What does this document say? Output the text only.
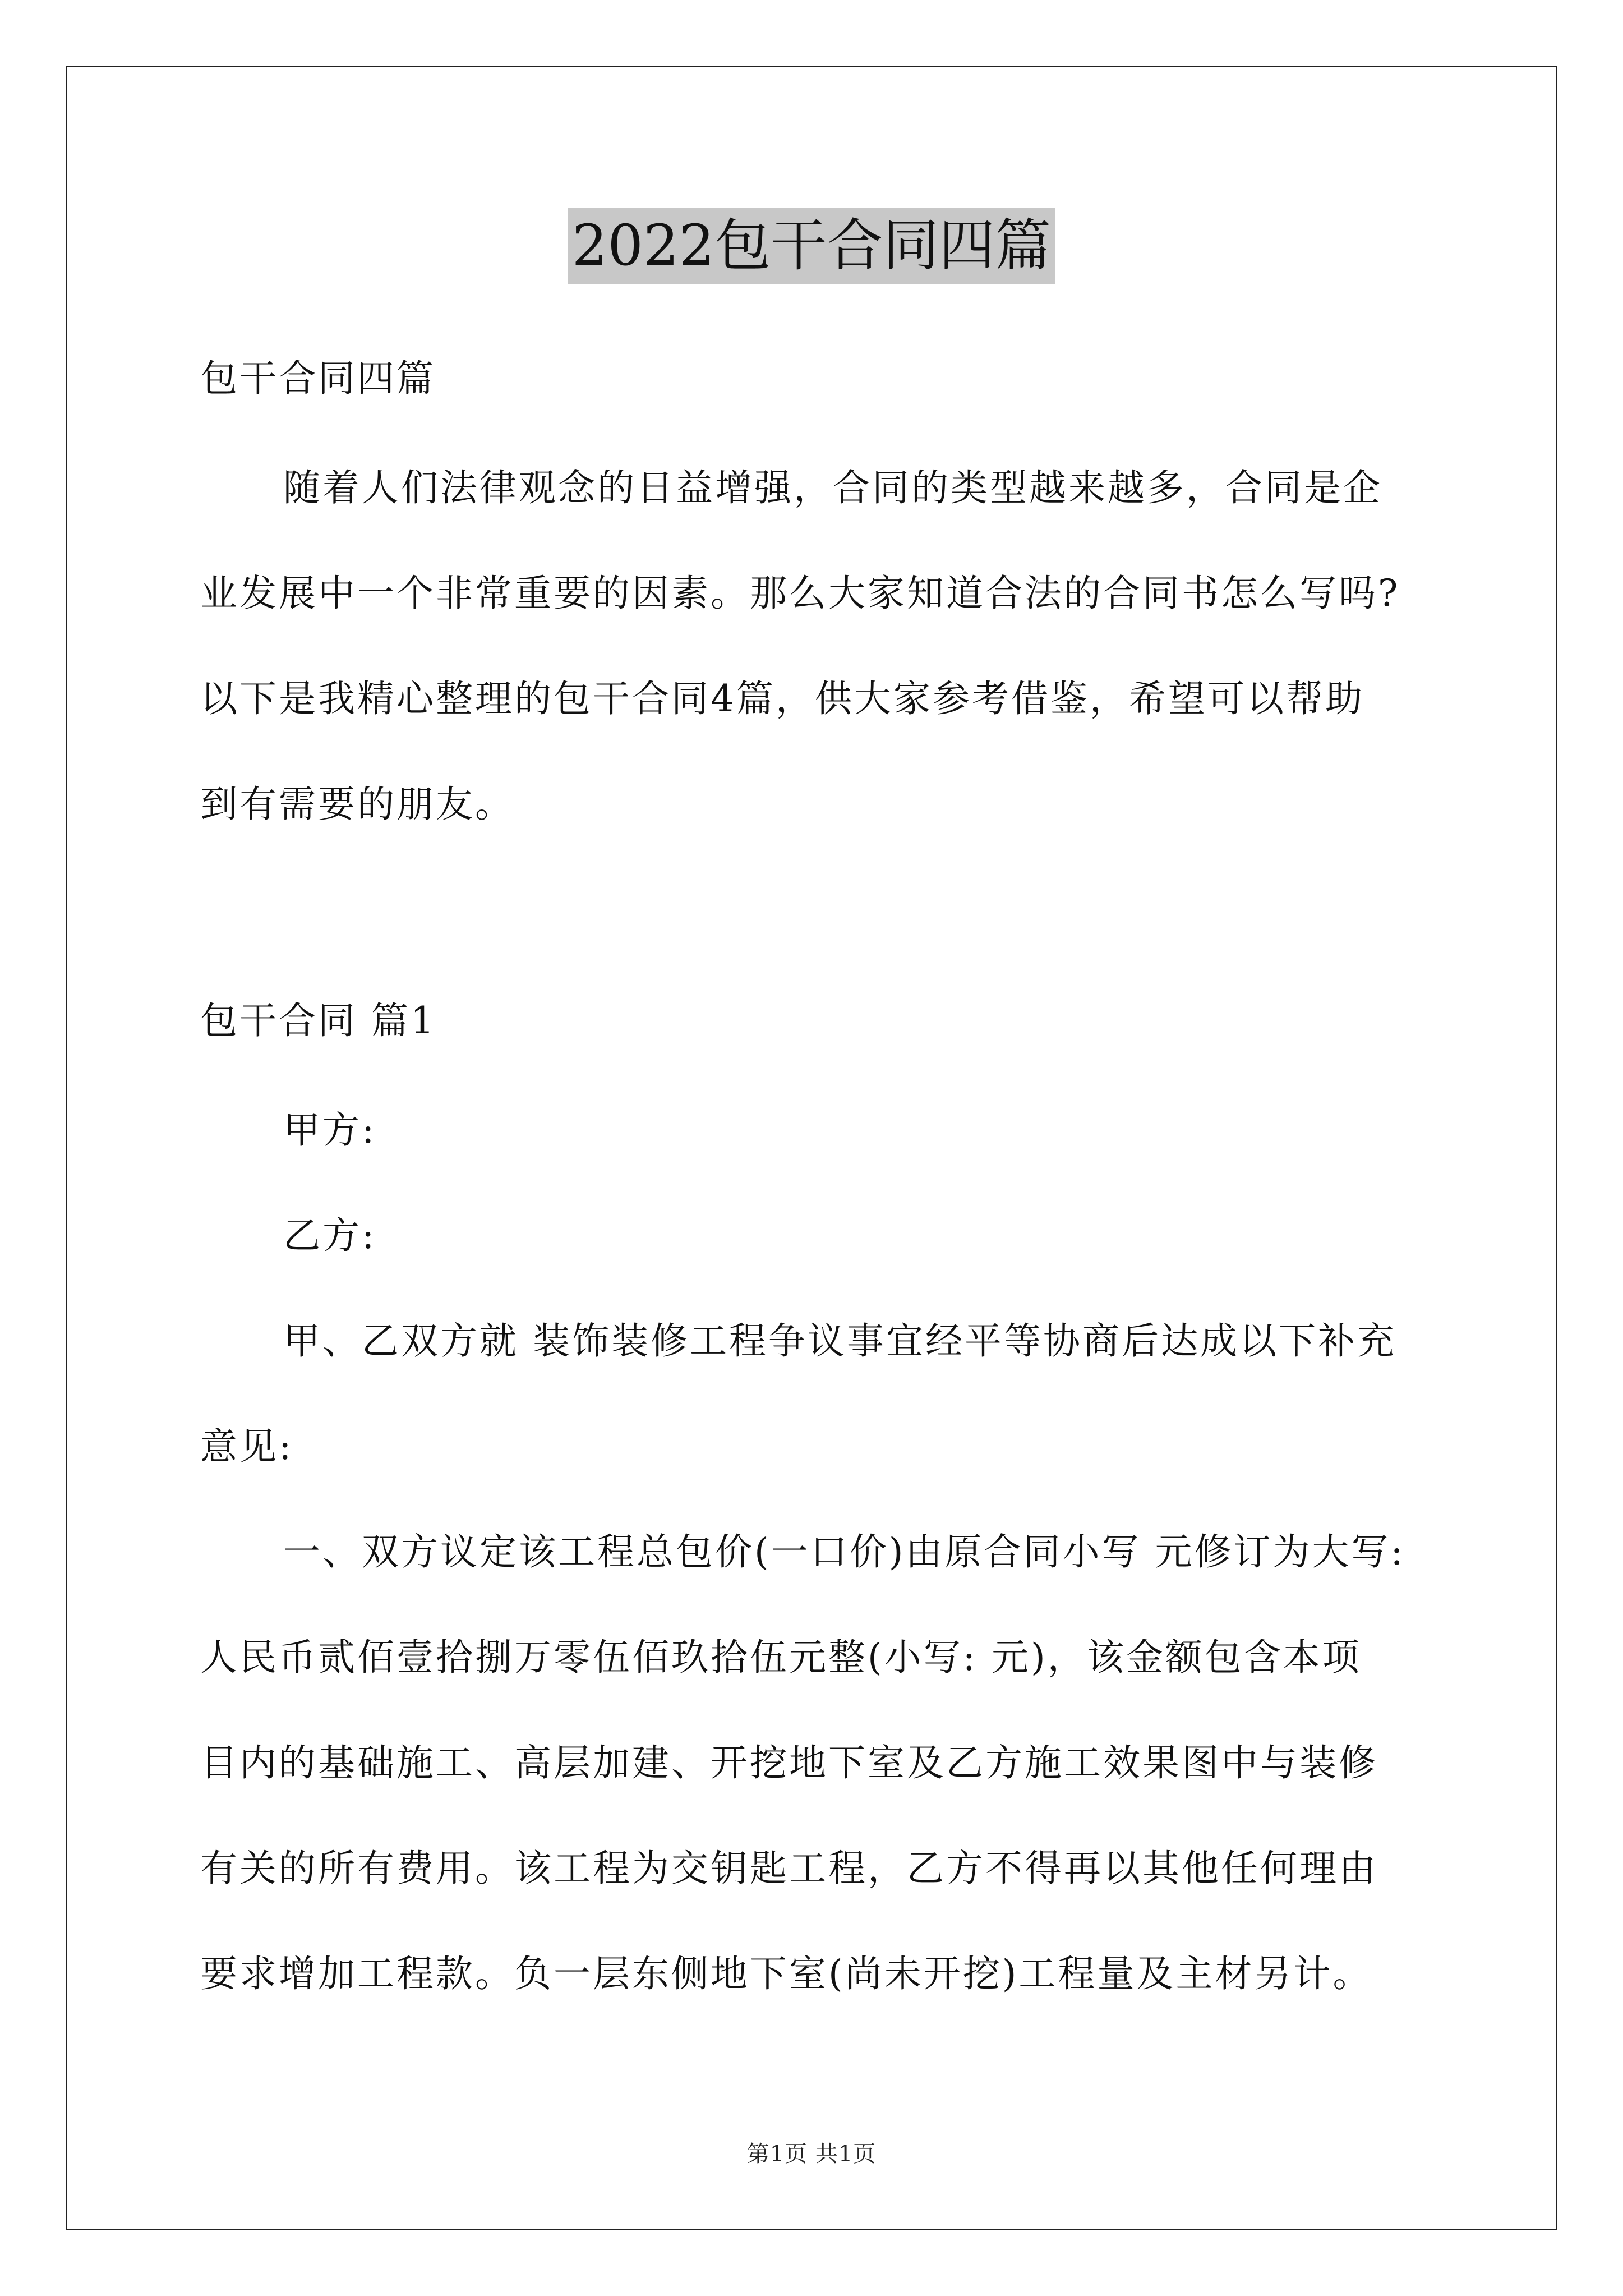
2022包干合同四篇
包干合同四篇
随着人们法律观念的日益增强，合同的类型越来越多，合同是企
业发展中一个非常重要的因素。那么大家知道合法的合同书怎么写吗?
以下是我精心整理的包干合同4篇，供大家参考借鉴，希望可以帮助
到有需要的朋友。
包干合同 篇1
甲方:
乙方:
甲、乙双方就 装饰装修工程争议事宜经平等协商后达成以下补充
意见:
一、双方议定该工程总包价(一口价)由原合同小写 元修订为大写:
人民币贰佰壹拾捌万零伍佰玖拾伍元整(小写: 元)，该金额包含本项
目内的基础施工、高层加建、开挖地下室及乙方施工效果图中与装修
有关的所有费用。该工程为交钥匙工程，乙方不得再以其他任何理由
要求增加工程款。负一层东侧地下室(尚未开挖)工程量及主材另计。
第1页 共1页
